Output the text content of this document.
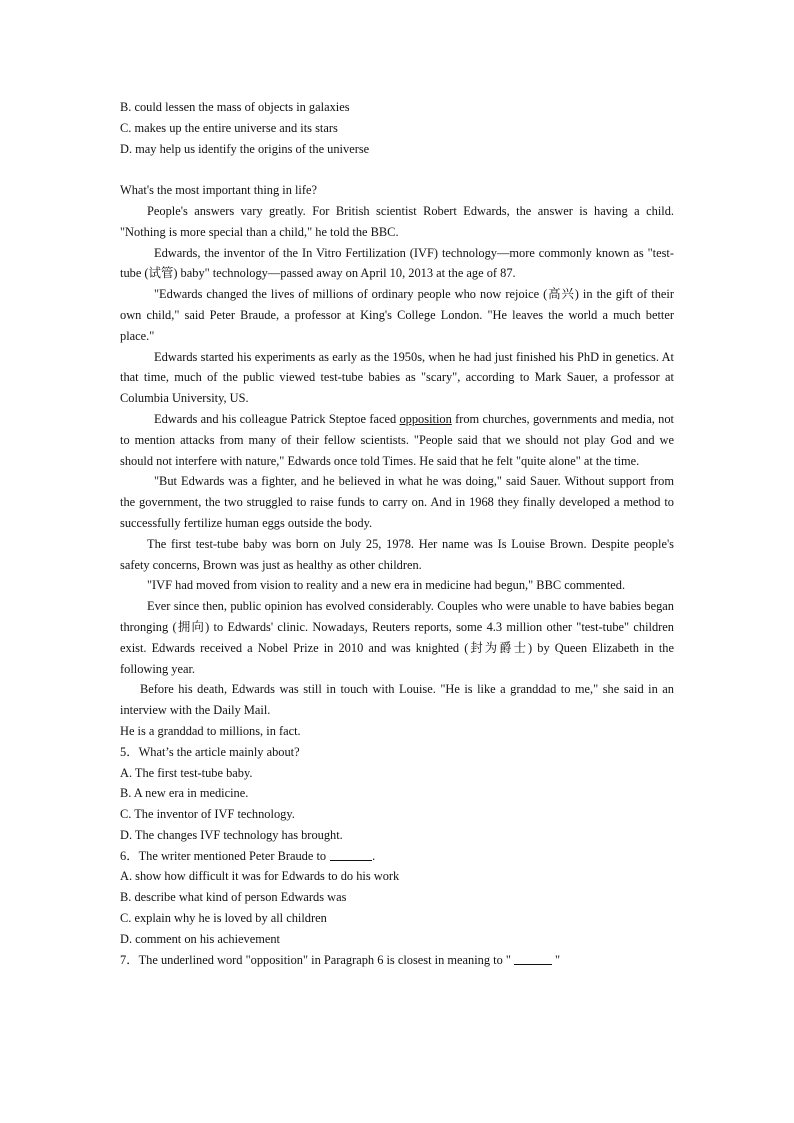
B. could lessen the mass of objects in galaxies

C. makes up the entire universe and its stars

D. may help us identify the origins of the universe

What's the most important thing in life?

People's answers vary greatly. For British scientist Robert Edwards, the answer is having a child. "Nothing is more special than a child," he told the BBC.

Edwards, the inventor of the In Vitro Fertilization (IVF) technology—more commonly known as "test-tube (试管) baby" technology—passed away on April 10, 2013 at the age of 87.

"Edwards changed the lives of millions of ordinary people who now rejoice (高兴) in the gift of their own child," said Peter Braude, a professor at King's College London. "He leaves the world a much better place."

Edwards started his experiments as early as the 1950s, when he had just finished his PhD in genetics. At that time, much of the public viewed test-tube babies as "scary", according to Mark Sauer, a professor at Columbia University, US.

Edwards and his colleague Patrick Steptoe faced opposition from churches, governments and media, not to mention attacks from many of their fellow scientists. "People said that we should not play God and we should not interfere with nature," Edwards once told Times. He said that he felt "quite alone" at the time.

"But Edwards was a fighter, and he believed in what he was doing," said Sauer. Without support from the government, the two struggled to raise funds to carry on. And in 1968 they finally developed a method to successfully fertilize human eggs outside the body.

The first test-tube baby was born on July 25, 1978. Her name was Is Louise Brown. Despite people's safety concerns, Brown was just as healthy as other children.

"IVF had moved from vision to reality and a new era in medicine had begun," BBC commented.

Ever since then, public opinion has evolved considerably. Couples who were unable to have babies began thronging (拥向) to Edwards' clinic. Nowadays, Reuters reports, some 4.3 million other "test-tube" children exist. Edwards received a Nobel Prize in 2010 and was knighted (封为爵士) by Queen Elizabeth in the following year.

Before his death, Edwards was still in touch with Louise. "He is like a granddad to me," she said in an interview with the Daily Mail.

He is a granddad to millions, in fact.

5．What’s the article mainly about?

A. The first test-tube baby.

B. A new era in medicine.

C. The inventor of IVF technology.

D. The changes IVF technology has brought.

6．The writer mentioned Peter Braude to	.

A. show how difficult it was for Edwards to do his work

B. describe what kind of person Edwards was

C. explain why he is loved by all children

D. comment on his achievement

7．The underlined word "opposition" in Paragraph 6 is closest in meaning to "	"
